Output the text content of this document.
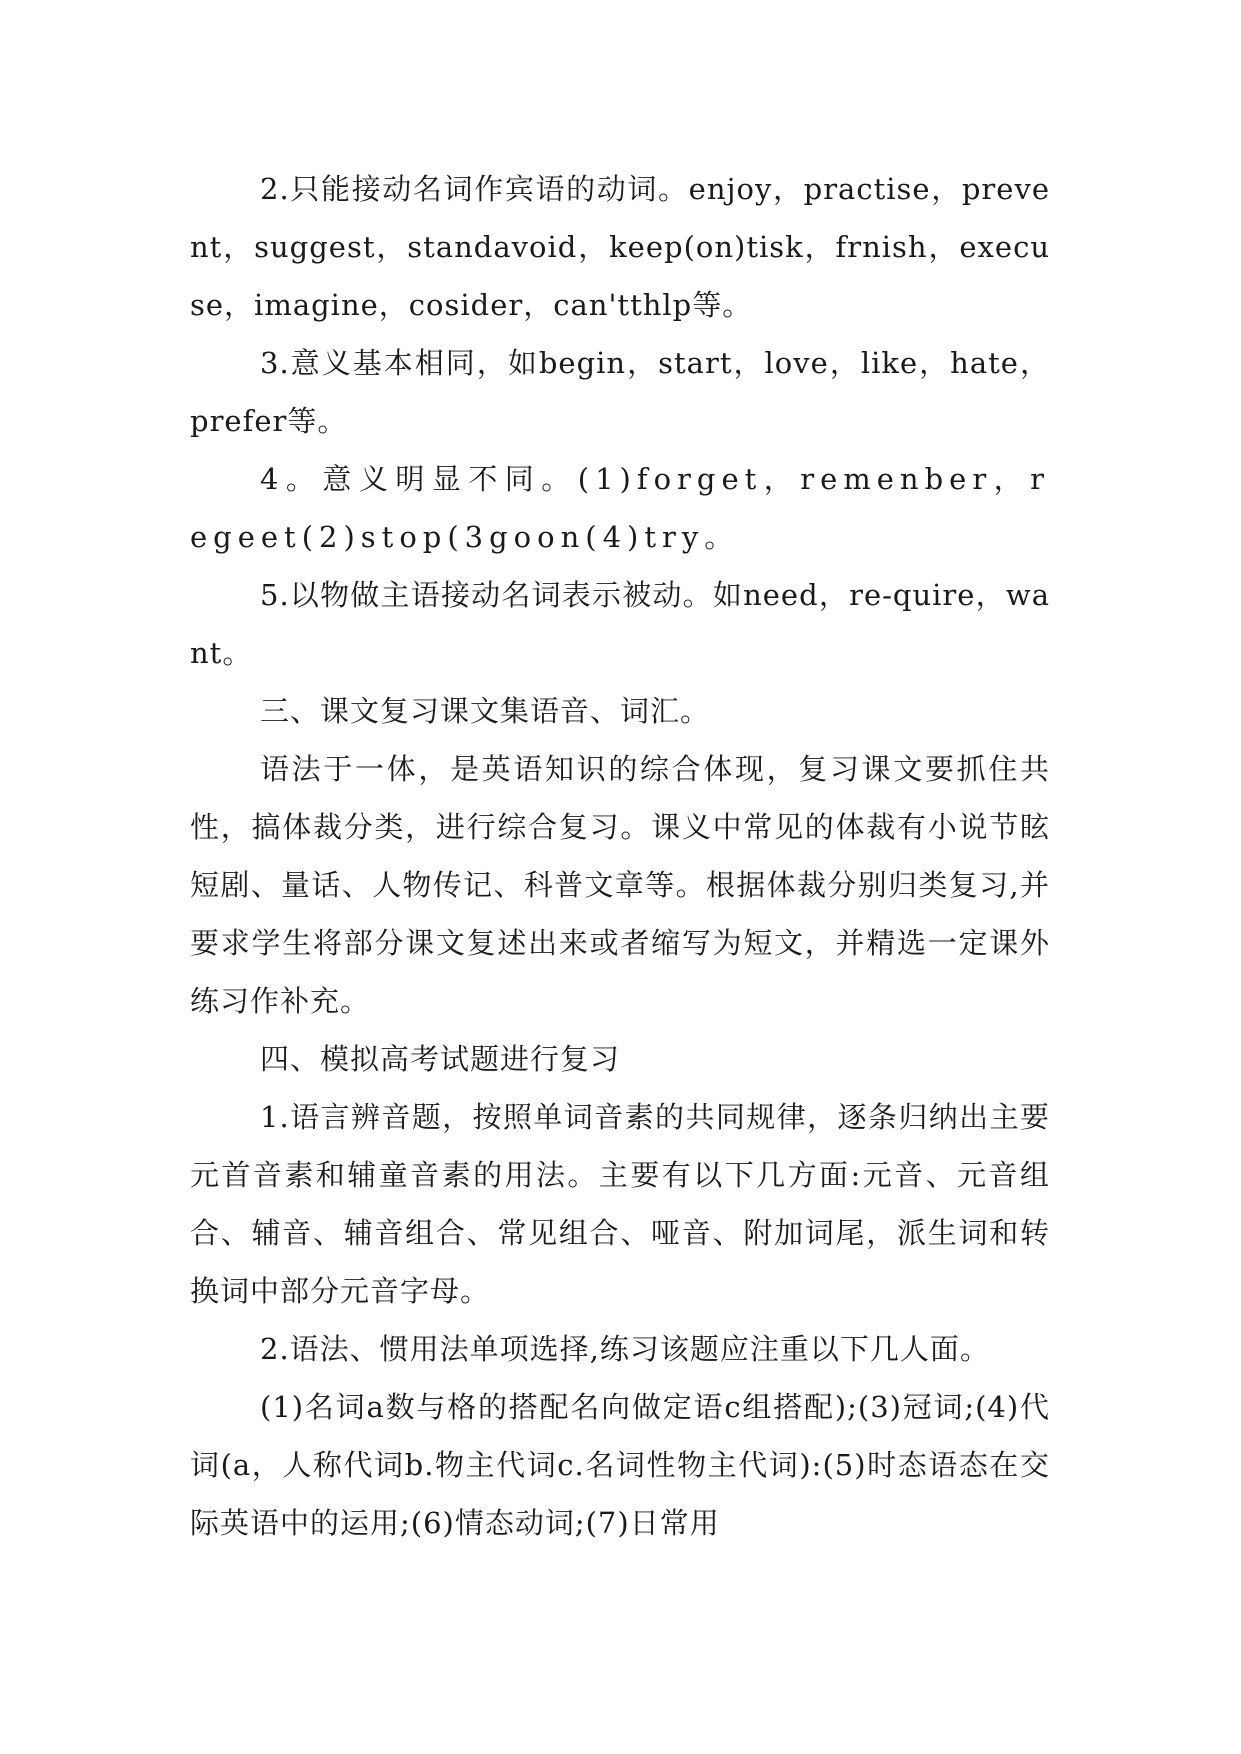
2.只能接动名词作宾语的动词。enjoy，practise，prevent，suggest，standavoid，keep(on)tisk，frnish，execuse，imagine，cosider，can'tthlp等。

3.意义基本相同，如begin，start，love，like，hate，prefer等。

4。意义明显不同。(1)forget，remenber，regeet(2)stop(3goon(4)try。

5.以物做主语接动名词表示被动。如need，re-quire，want。

三、课文复习课文集语音、词汇。

语法于一体，是英语知识的综合体现，复习课文要抓住共性，搞体裁分类，进行综合复习。课义中常见的体裁有小说节眩短剧、量话、人物传记、科普文章等。根据体裁分别归类复习,并要求学生将部分课文复述出来或者缩写为短文，并精选一定课外练习作补充。

四、模拟高考试题进行复习

1.语言辨音题，按照单词音素的共同规律，逐条归纳出主要元首音素和辅童音素的用法。主要有以下几方面:元音、元音组合、辅音、辅音组合、常见组合、哑音、附加词尾，派生词和转换词中部分元音字母。

2.语法、惯用法单项选择,练习该题应注重以下几人面。

(1)名词a数与格的搭配名向做定语c组搭配);(3)冠词;(4)代词(a，人称代词b.物主代词c.名词性物主代词):(5)时态语态在交际英语中的运用;(6)情态动词;(7)日常用
